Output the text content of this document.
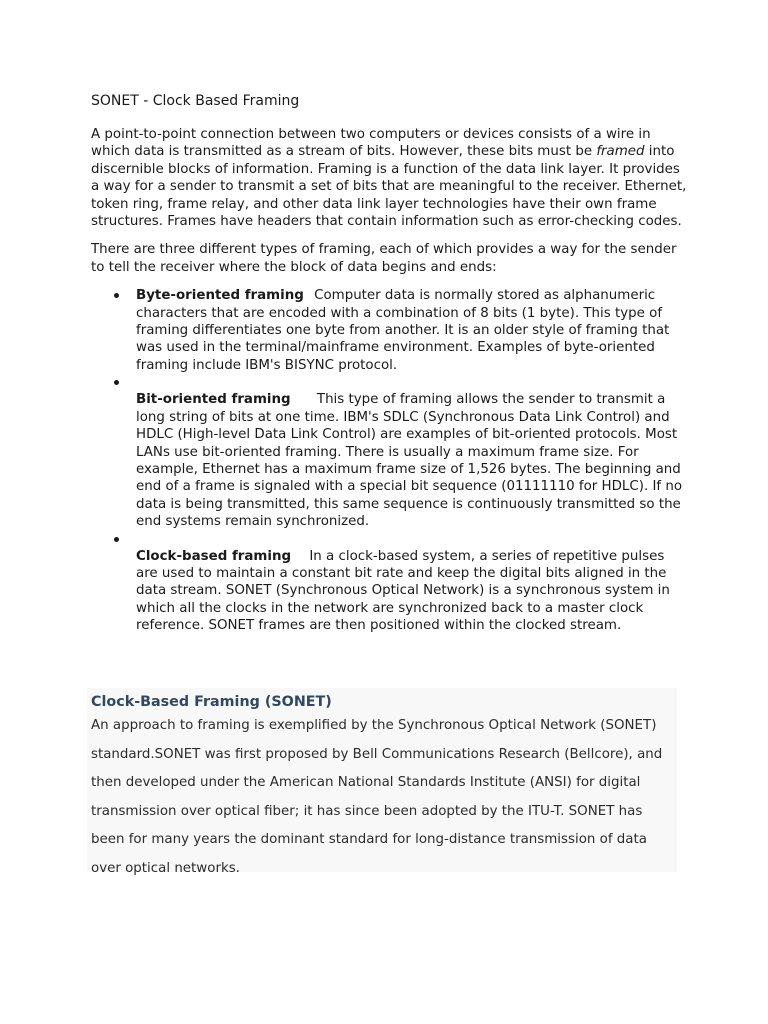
SONET - Clock Based Framing

A point-to-point connection between two computers or devices consists of a wire in which data is transmitted as a stream of bits. However, these bits must be framed into discernible blocks of information. Framing is a function of the data link layer. It provides a way for a sender to transmit a set of bits that are meaningful to the receiver. Ethernet, token ring, frame relay, and other data link layer technologies have their own frame structures. Frames have headers that contain information such as error-checking codes.

There are three different types of framing, each of which provides a way for the sender to tell the receiver where the block of data begins and ends:

Byte-oriented framing Computer data is normally stored as alphanumeric characters that are encoded with a combination of 8 bits (1 byte). This type of framing differentiates one byte from another. It is an older style of framing that was used in the terminal/mainframe environment. Examples of byte-oriented framing include IBM's BISYNC protocol.
Bit-oriented framing This type of framing allows the sender to transmit a long string of bits at one time. IBM's SDLC (Synchronous Data Link Control) and HDLC (High-level Data Link Control) are examples of bit-oriented protocols. Most LANs use bit-oriented framing. There is usually a maximum frame size. For example, Ethernet has a maximum frame size of 1,526 bytes. The beginning and end of a frame is signaled with a special bit sequence (01111110 for HDLC). If no data is being transmitted, this same sequence is continuously transmitted so the end systems remain synchronized.
Clock-based framing In a clock-based system, a series of repetitive pulses are used to maintain a constant bit rate and keep the digital bits aligned in the data stream. SONET (Synchronous Optical Network) is a synchronous system in which all the clocks in the network are synchronized back to a master clock reference. SONET frames are then positioned within the clocked stream.
Clock-Based Framing (SONET)
An approach to framing is exemplified by the Synchronous Optical Network (SONET) standard.SONET was first proposed by Bell Communications Research (Bellcore), and then developed under the American National Standards Institute (ANSI) for digital transmission over optical fiber; it has since been adopted by the ITU-T. SONET has been for many years the dominant standard for long-distance transmission of data over optical networks.
